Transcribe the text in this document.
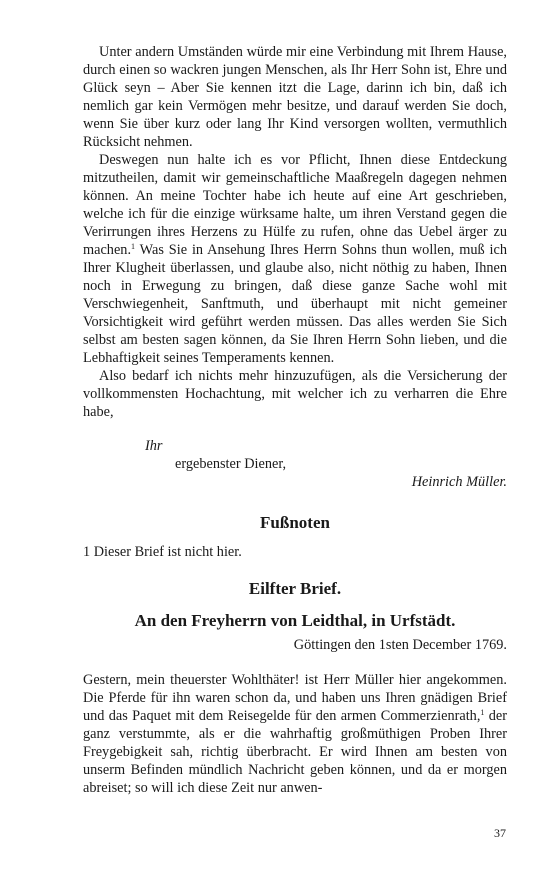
Unter andern Umständen würde mir eine Verbindung mit Ihrem Hause, durch einen so wackren jungen Menschen, als Ihr Herr Sohn ist, Ehre und Glück seyn – Aber Sie kennen itzt die Lage, darinn ich bin, daß ich nemlich gar kein Vermögen mehr besitze, und darauf werden Sie doch, wenn Sie über kurz oder lang Ihr Kind versorgen wollten, vermuthlich Rücksicht nehmen.

Deswegen nun halte ich es vor Pflicht, Ihnen diese Entdeckung mitzutheilen, damit wir gemeinschaftliche Maaßregeln dagegen nehmen können. An meine Tochter habe ich heute auf eine Art geschrieben, welche ich für die einzige würksame halte, um ihren Verstand gegen die Verirrungen ihres Herzens zu Hülfe zu rufen, ohne das Uebel ärger zu machen.$^1$ Was Sie in Ansehung Ihres Herrn Sohns thun wollen, muß ich Ihrer Klugheit überlassen, und glaube also, nicht nöthig zu haben, Ihnen noch in Erwegung zu bringen, daß diese ganze Sache wohl mit Verschwiegenheit, Sanftmuth, und überhaupt mit nicht gemeiner Vorsichtigkeit wird geführt werden müssen. Das alles werden Sie Sich selbst am besten sagen können, da Sie Ihren Herrn Sohn lieben, und die Lebhaftigkeit seines Temperaments kennen.

Also bedarf ich nichts mehr hinzuzufügen, als die Versicherung der vollkommensten Hochachtung, mit welcher ich zu verharren die Ehre habe,

Ihr
ergebenster Diener,
Heinrich Müller.
Fußnoten
1 Dieser Brief ist nicht hier.
Eilfter Brief.
An den Freyherrn von Leidthal, in Urfstädt.
Göttingen den 1sten December 1769.

Gestern, mein theuerster Wohlthäter! ist Herr Müller hier angekommen. Die Pferde für ihn waren schon da, und haben uns Ihren gnädigen Brief und das Paquet mit dem Reisegelde für den armen Commerzienrath,$^1$ der ganz verstummte, als er die wahrhaftig großmüthigen Proben Ihrer Freygebigkeit sah, richtig überbracht. Er wird Ihnen am besten von unserm Befinden mündlich Nachricht geben können, und da er morgen abreiset; so will ich diese Zeit nur anwen-

37
